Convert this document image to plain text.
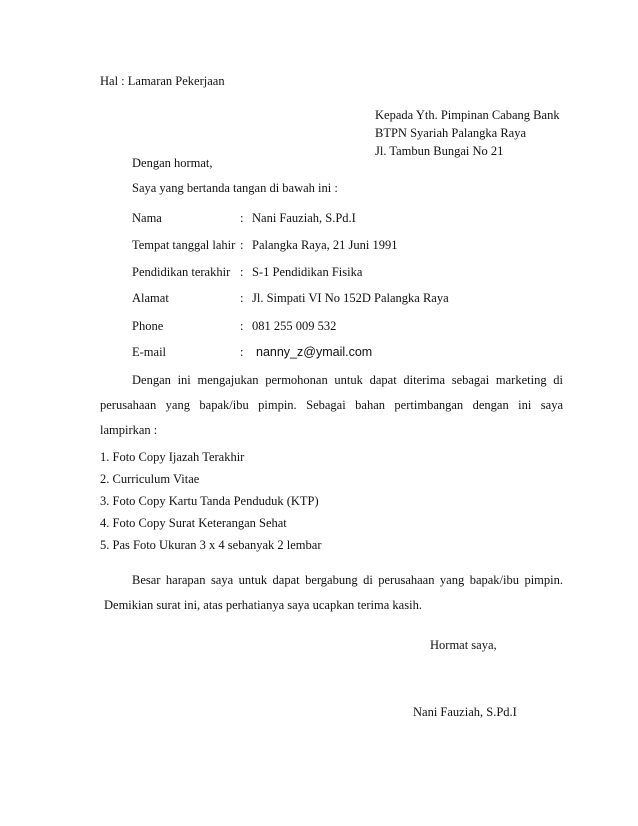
Hal : Lamaran Pekerjaan
Kepada Yth. Pimpinan Cabang Bank
BTPN Syariah Palangka Raya
Jl. Tambun Bungai No 21
Dengan hormat,
Saya yang bertanda tangan di bawah ini :
Nama	: Nani Fauziah, S.Pd.I
Tempat tanggal lahir : Palangka Raya, 21 Juni 1991
Pendidikan terakhir : S-1 Pendidikan Fisika
Alamat	: Jl. Simpati VI No 152D Palangka Raya
Phone	: 081 255 009 532
E-mail	: nanny_z@ymail.com
Dengan ini mengajukan permohonan untuk dapat diterima sebagai marketing di
perusahaan yang bapak/ibu pimpin. Sebagai bahan pertimbangan dengan ini saya
lampirkan :
1. Foto Copy Ijazah Terakhir
2. Curriculum Vitae
3. Foto Copy Kartu Tanda Penduduk (KTP)
4. Foto Copy Surat Keterangan Sehat
5. Pas Foto Ukuran 3 x 4 sebanyak 2 lembar
Besar harapan saya untuk dapat bergabung di perusahaan yang bapak/ibu pimpin.
Demikian surat ini, atas perhatianya saya ucapkan terima kasih.
Hormat saya,
Nani Fauziah, S.Pd.I
